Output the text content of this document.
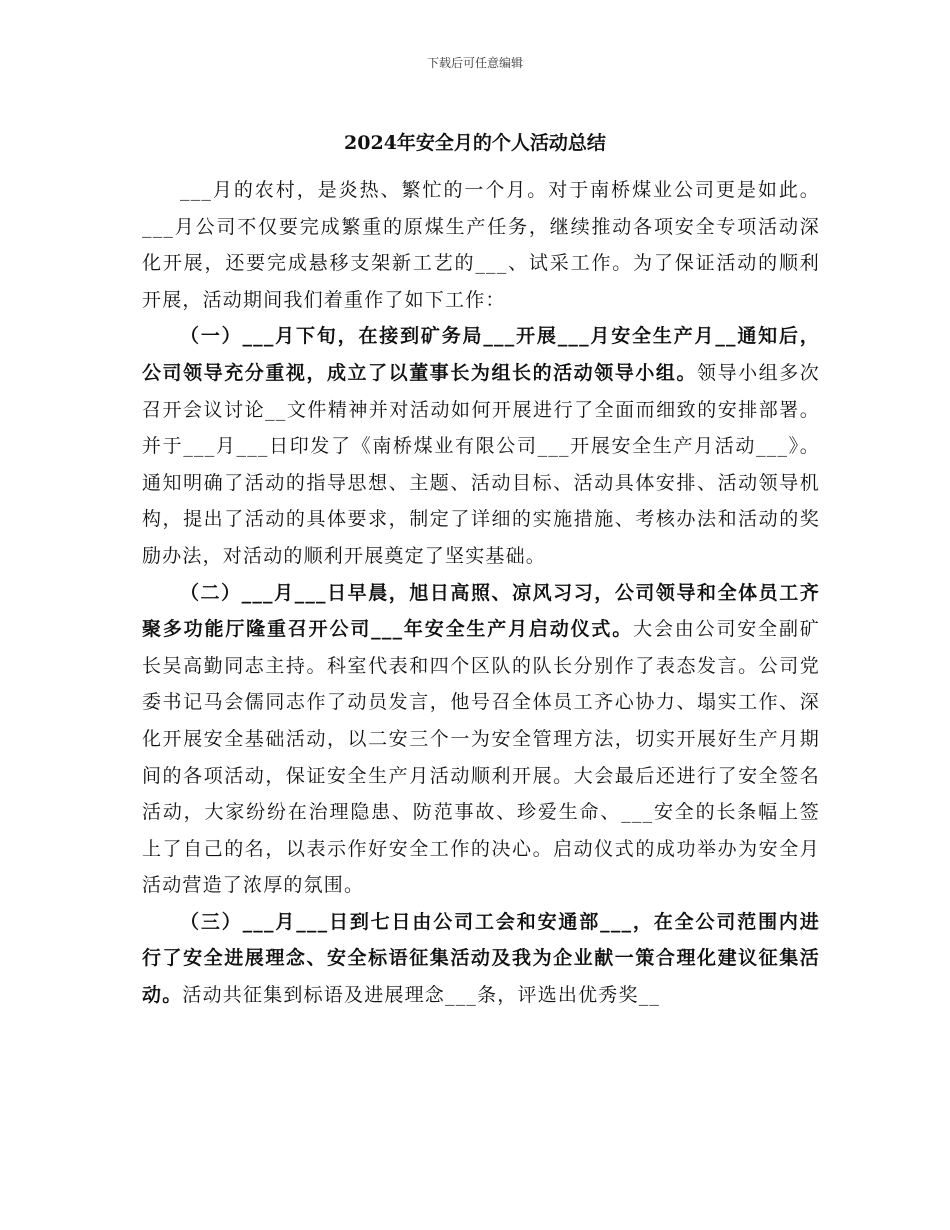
下载后可任意编辑
2024年安全月的个人活动总结

___月的农村，是炎热、繁忙的一个月。对于南桥煤业公司更是如此。___月公司不仅要完成繁重的原煤生产任务，继续推动各项安全专项活动深化开展，还要完成悬移支架新工艺的___、试采工作。为了保证活动的顺利开展，活动期间我们着重作了如下工作：

（一）___月下旬，在接到矿务局___开展___月安全生产月__通知后，公司领导充分重视，成立了以董事长为组长的活动领导小组。领导小组多次召开会议讨论__文件精神并对活动如何开展进行了全面而细致的安排部署。并于___月___日印发了《南桥煤业有限公司___开展安全生产月活动___》。通知明确了活动的指导思想、主题、活动目标、活动具体安排、活动领导机构，提出了活动的具体要求，制定了详细的实施措施、考核办法和活动的奖励办法，对活动的顺利开展奠定了坚实基础。

（二）___月___日早晨，旭日高照、凉风习习，公司领导和全体员工齐聚多功能厅隆重召开公司___年安全生产月启动仪式。大会由公司安全副矿长吴高勤同志主持。科室代表和四个区队的队长分别作了表态发言。公司党委书记马会儒同志作了动员发言，他号召全体员工齐心协力、塌实工作、深化开展安全基础活动，以二安三个一为安全管理方法，切实开展好生产月期间的各项活动，保证安全生产月活动顺利开展。大会最后还进行了安全签名活动，大家纷纷在治理隐患、防范事故、珍爱生命、___安全的长条幅上签上了自己的名，以表示作好安全工作的决心。启动仪式的成功举办为安全月活动营造了浓厚的氛围。

（三）___月___日到七日由公司工会和安通部___，在全公司范围内进行了安全进展理念、安全标语征集活动及我为企业献一策合理化建议征集活动。活动共征集到标语及进展理念___条，评选出优秀奖__
